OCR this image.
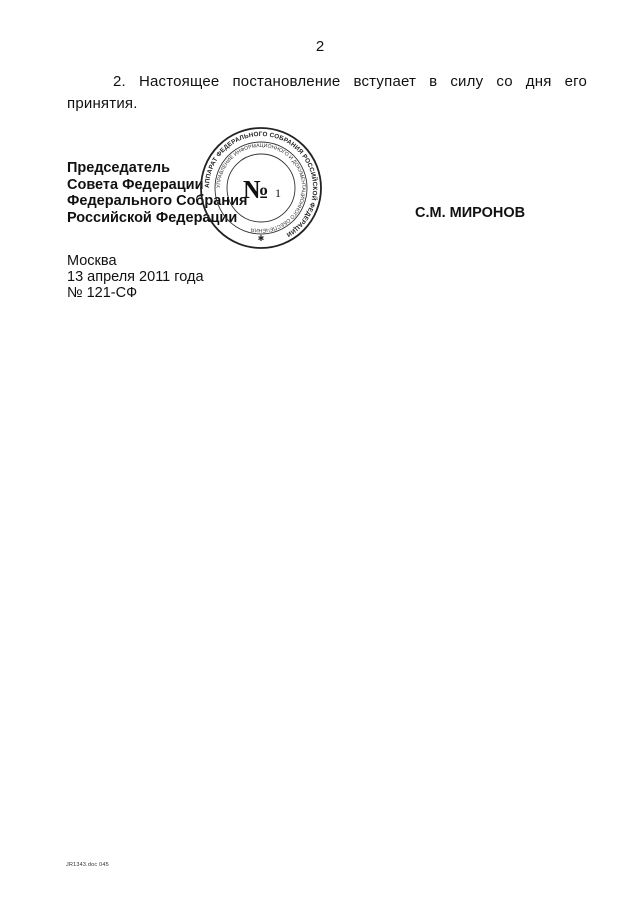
2
2. Настоящее постановление вступает в силу со дня его принятия.
Председатель
Совета Федерации
Федерального Собрания
Российской Федерации
АППАРАТ ФЕДЕРАЛЬНОГО СОБРАНИЯ РОССИЙСКОЙ ФЕДЕРАЦИИ
УПРАВЛЕНИЕ ИНФОРМАЦИОННОГО И ДОКУМЕНТАЦИОННОГО ОБЕСПЕЧЕНИЯ
№ 1
✱
С.М. МИРОНОВ
Москва
13 апреля 2011 года
№ 121-СФ
JR1343.doc 045
